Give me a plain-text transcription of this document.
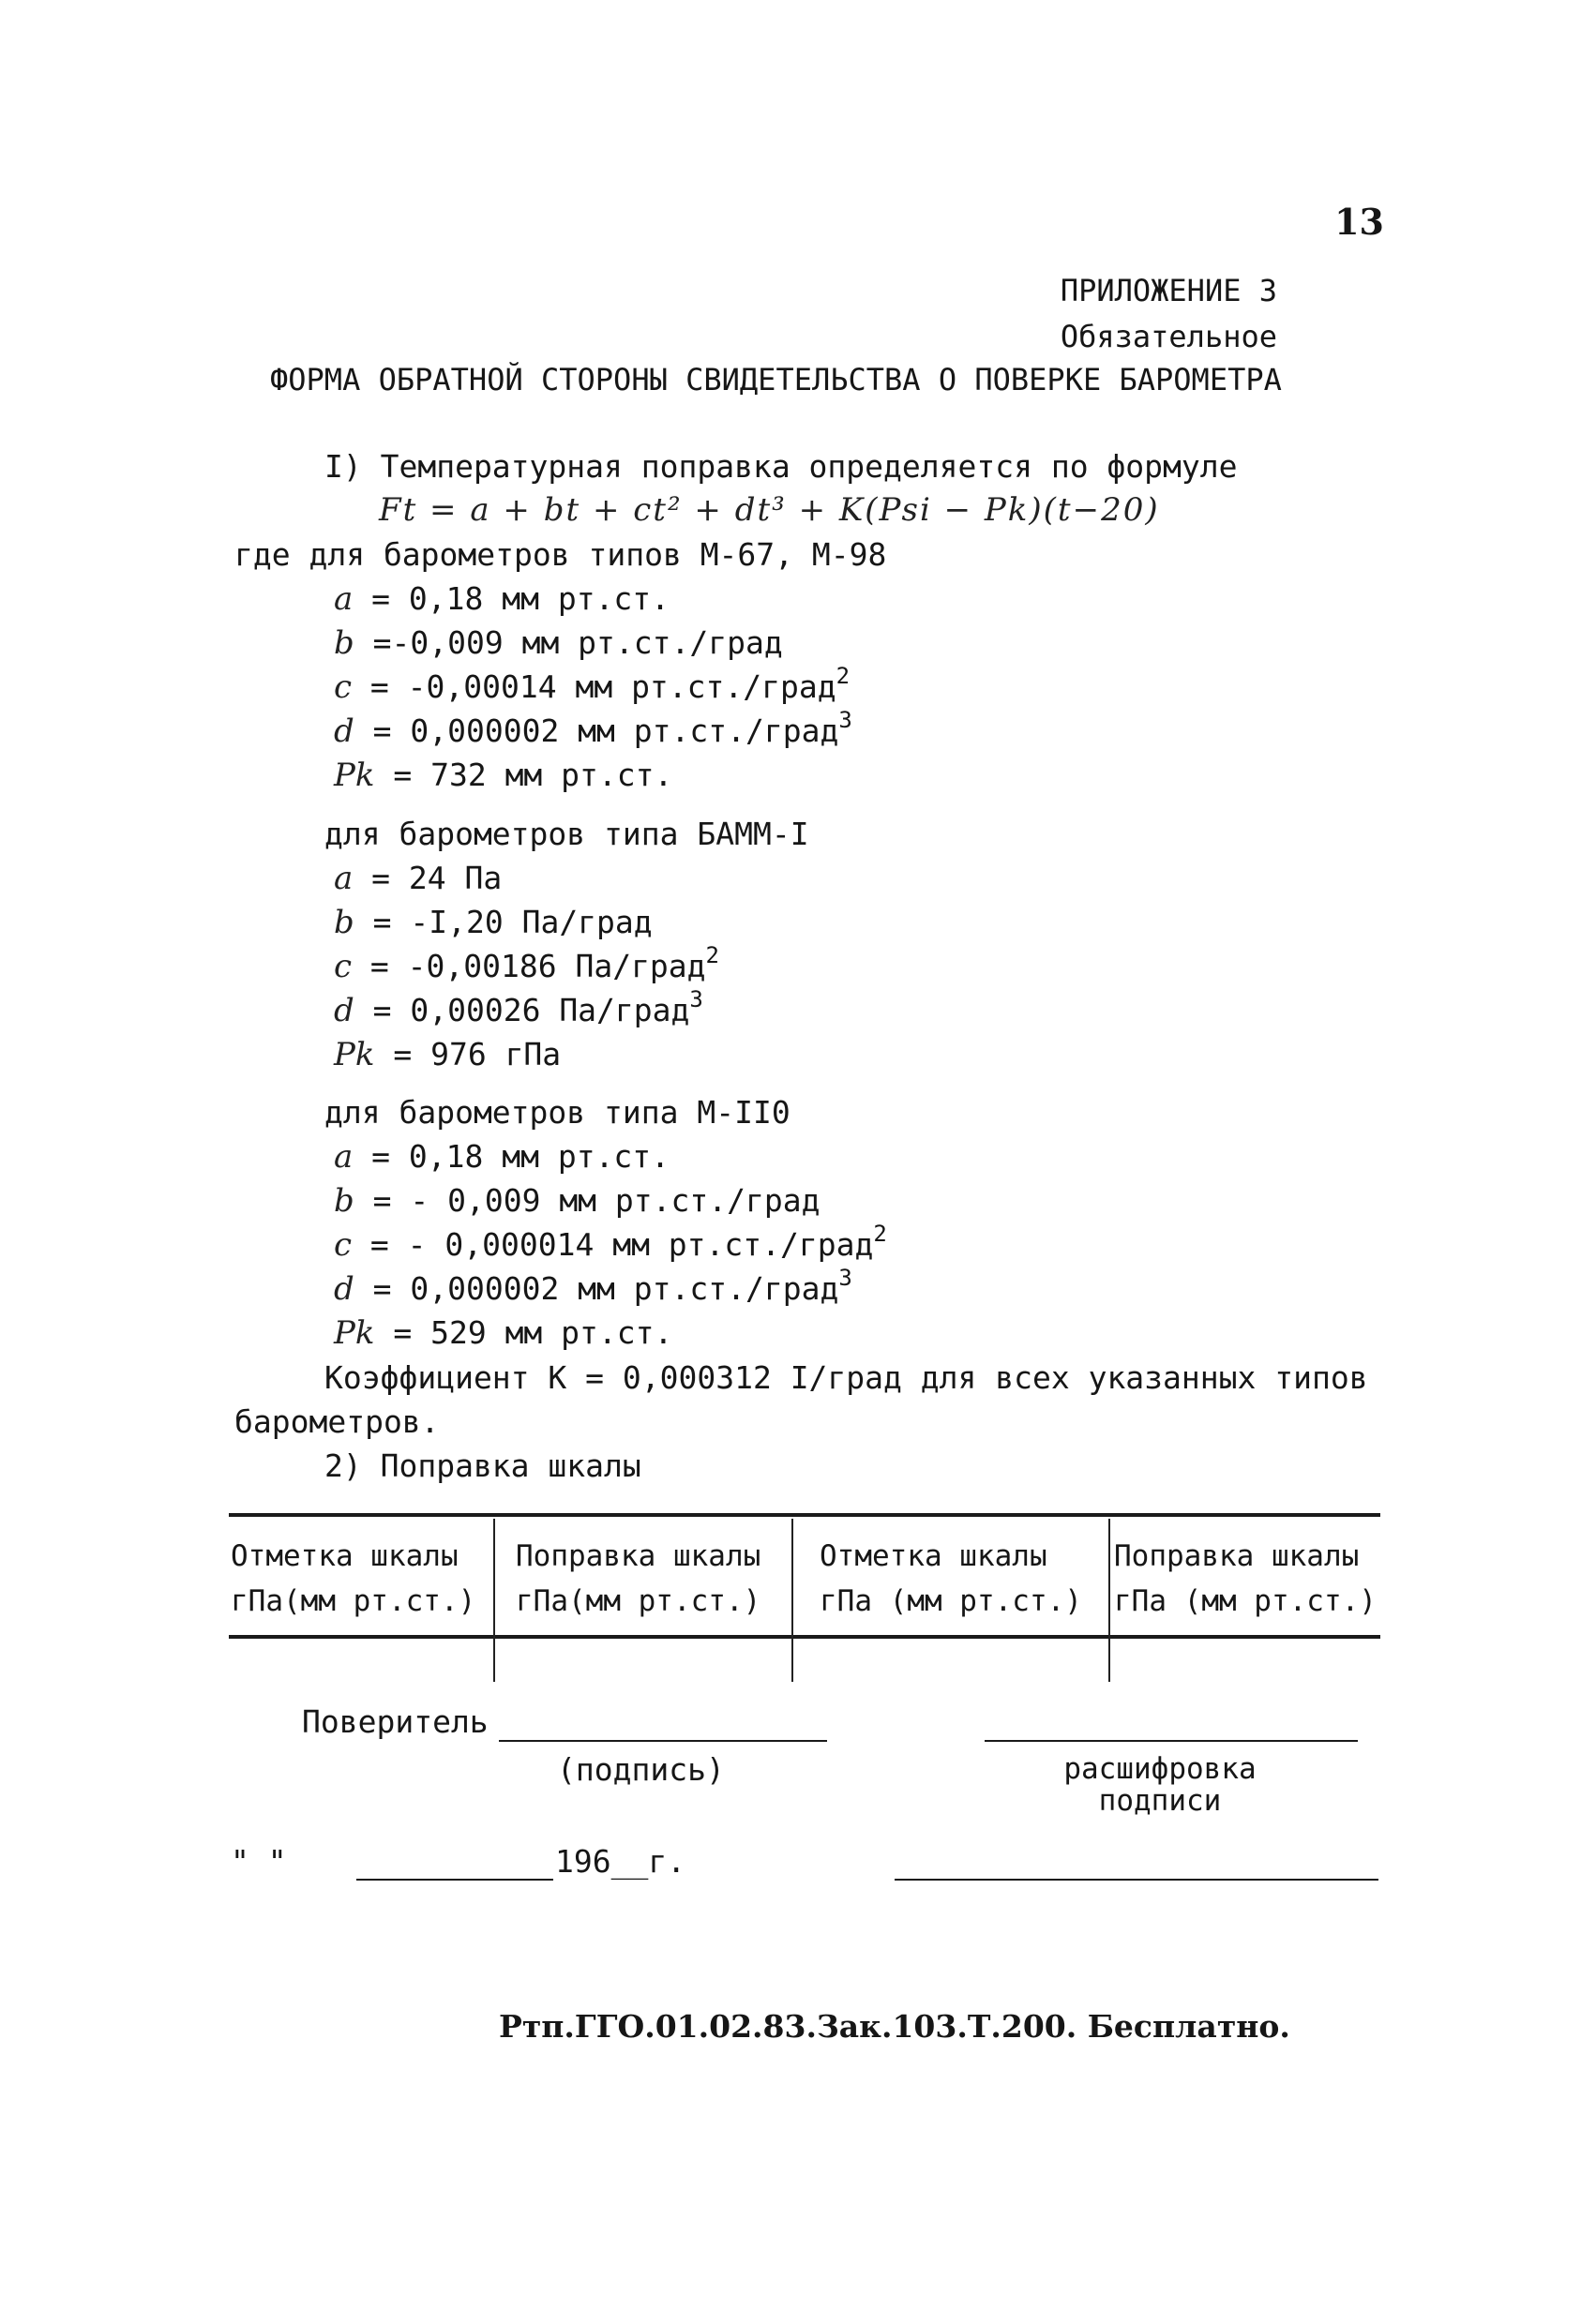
13
ПРИЛОЖЕНИЕ 3
Обязательное
ФОРМА ОБРАТНОЙ СТОРОНЫ СВИДЕТЕЛЬСТВА О ПОВЕРКЕ БАРОМЕТРА
I) Температурная поправка определяется по формуле
Ft = a + bt + ct² + dt³ + K(Psi − Pk)(t−20)
где для барометров типов М-67, М-98
a = 0,18 мм рт.ст.
b =-0,009 мм рт.ст./град
c = -0,00014 мм рт.ст./град$^2$
d = 0,000002 мм рт.ст./град$^3$
Pk = 732 мм рт.ст.
для барометров типа БАММ-I
a = 24 Па
b = -I,20 Па/град
c = -0,00186 Па/град$^2$
d = 0,00026 Па/град$^3$
Pk = 976 гПа
для барометров типа М-II0
a = 0,18 мм рт.ст.
b = - 0,009 мм рт.ст./град
c = - 0,000014 мм рт.ст./град$^2$
d = 0,000002 мм рт.ст./град$^3$
Pk = 529 мм рт.ст.
Коэффициент К = 0,000312 I/град для всех указанных типов
барометров.
2) Поправка шкалы
Отметка шкалы
гПа(мм рт.ст.)
Поправка шкалы
гПа(мм рт.ст.)
Отметка шкалы
гПа (мм рт.ст.)
Поправка шкалы
гПа (мм рт.ст.)
Поверитель
(подпись)	расшифровка
подписи
" "	196__г.
Ртп.ГГО.01.02.83.Зак.103.Т.200. Бесплатно.
